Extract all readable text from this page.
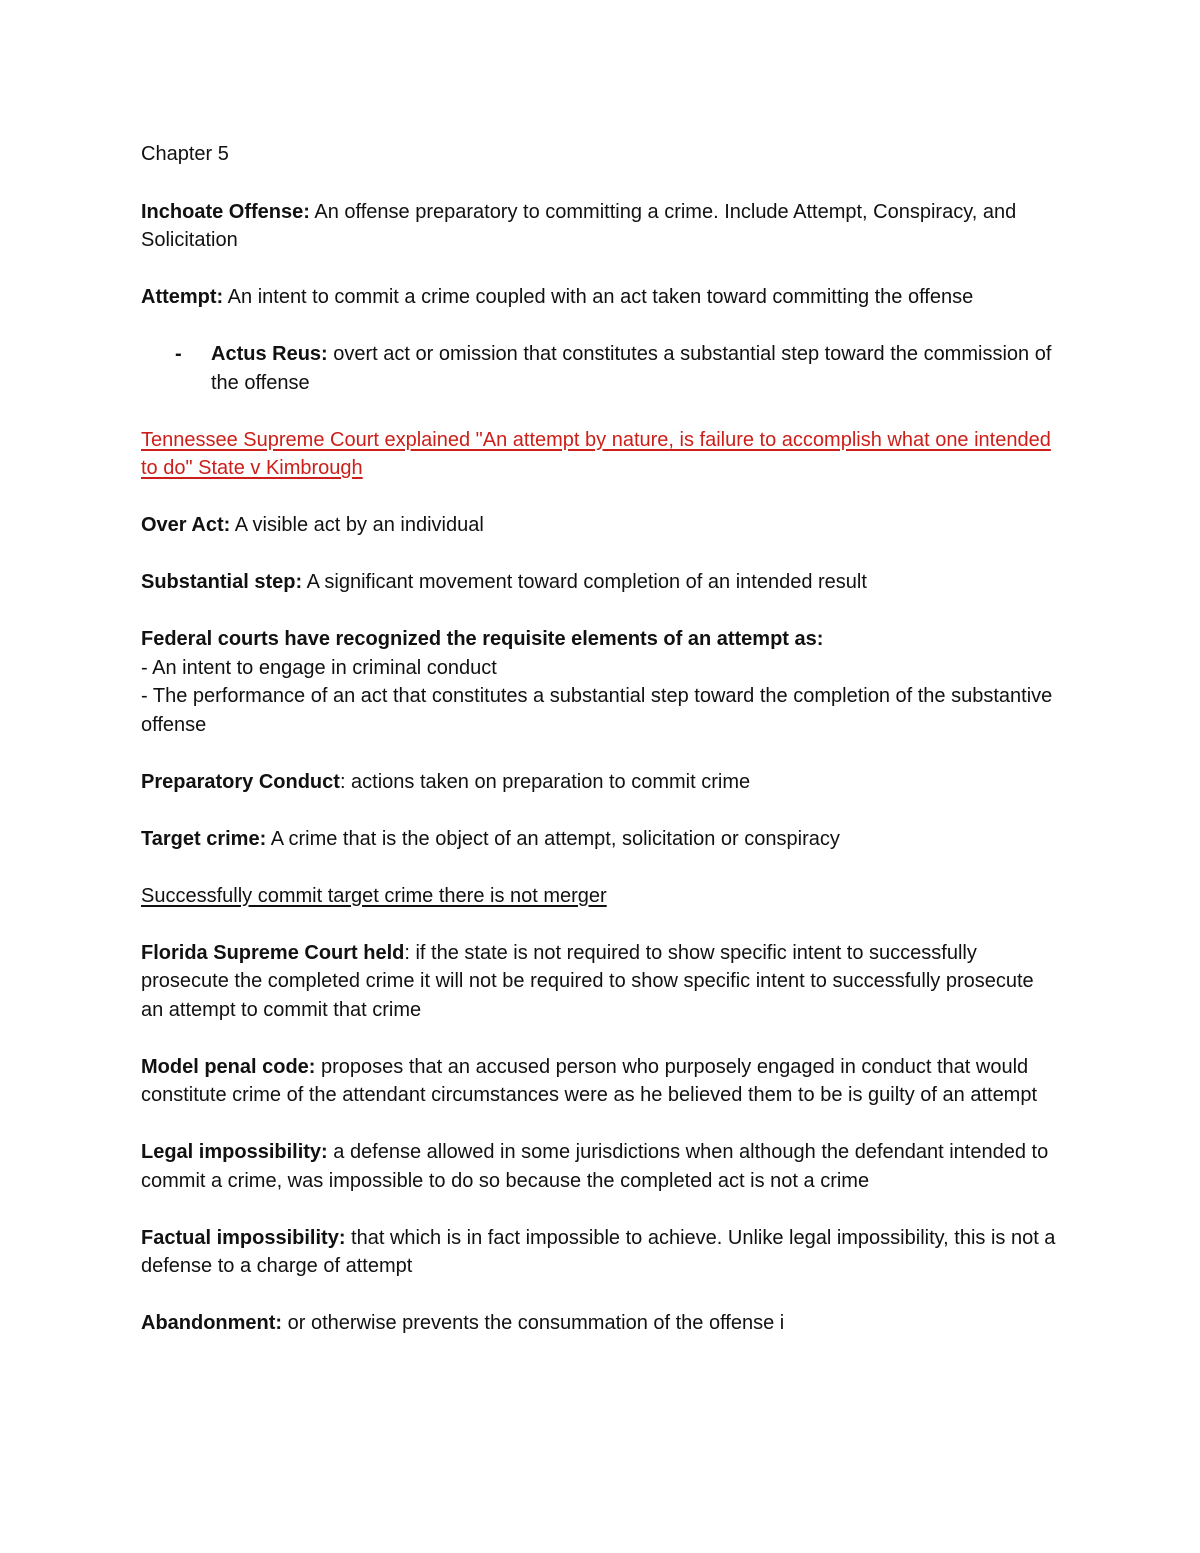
Chapter 5
Inchoate Offense: An offense preparatory to committing a crime. Include Attempt, Conspiracy, and Solicitation
Attempt: An intent to commit a crime coupled with an act taken toward committing the offense
-	Actus Reus: overt act or omission that constitutes a substantial step toward the commission of the offense
Tennessee Supreme Court explained "An attempt by nature, is failure to accomplish what one intended to do" State v Kimbrough
Over Act: A visible act by an individual
Substantial step: A significant movement toward completion of an intended result
Federal courts have recognized the requisite elements of an attempt as:
- An intent to engage in criminal conduct
- The performance of an act that constitutes a substantial step toward the completion of the substantive offense
Preparatory Conduct: actions taken on preparation to commit crime
Target crime: A crime that is the object of an attempt, solicitation or conspiracy
Successfully commit target crime there is not merger
Florida Supreme Court held: if the state is not required to show specific intent to successfully prosecute the completed crime it will not be required to show specific intent to successfully prosecute an attempt to commit that crime
Model penal code: proposes that an accused person who purposely engaged in conduct that would constitute crime of the attendant circumstances were as he believed them to be is guilty of an attempt
Legal impossibility: a defense allowed in some jurisdictions when although the defendant intended to commit a crime, was impossible to do so because the completed act is not a crime
Factual impossibility: that which is in fact impossible to achieve. Unlike legal impossibility, this is not a defense to a charge of attempt
Abandonment: or otherwise prevents the consummation of the offense i
